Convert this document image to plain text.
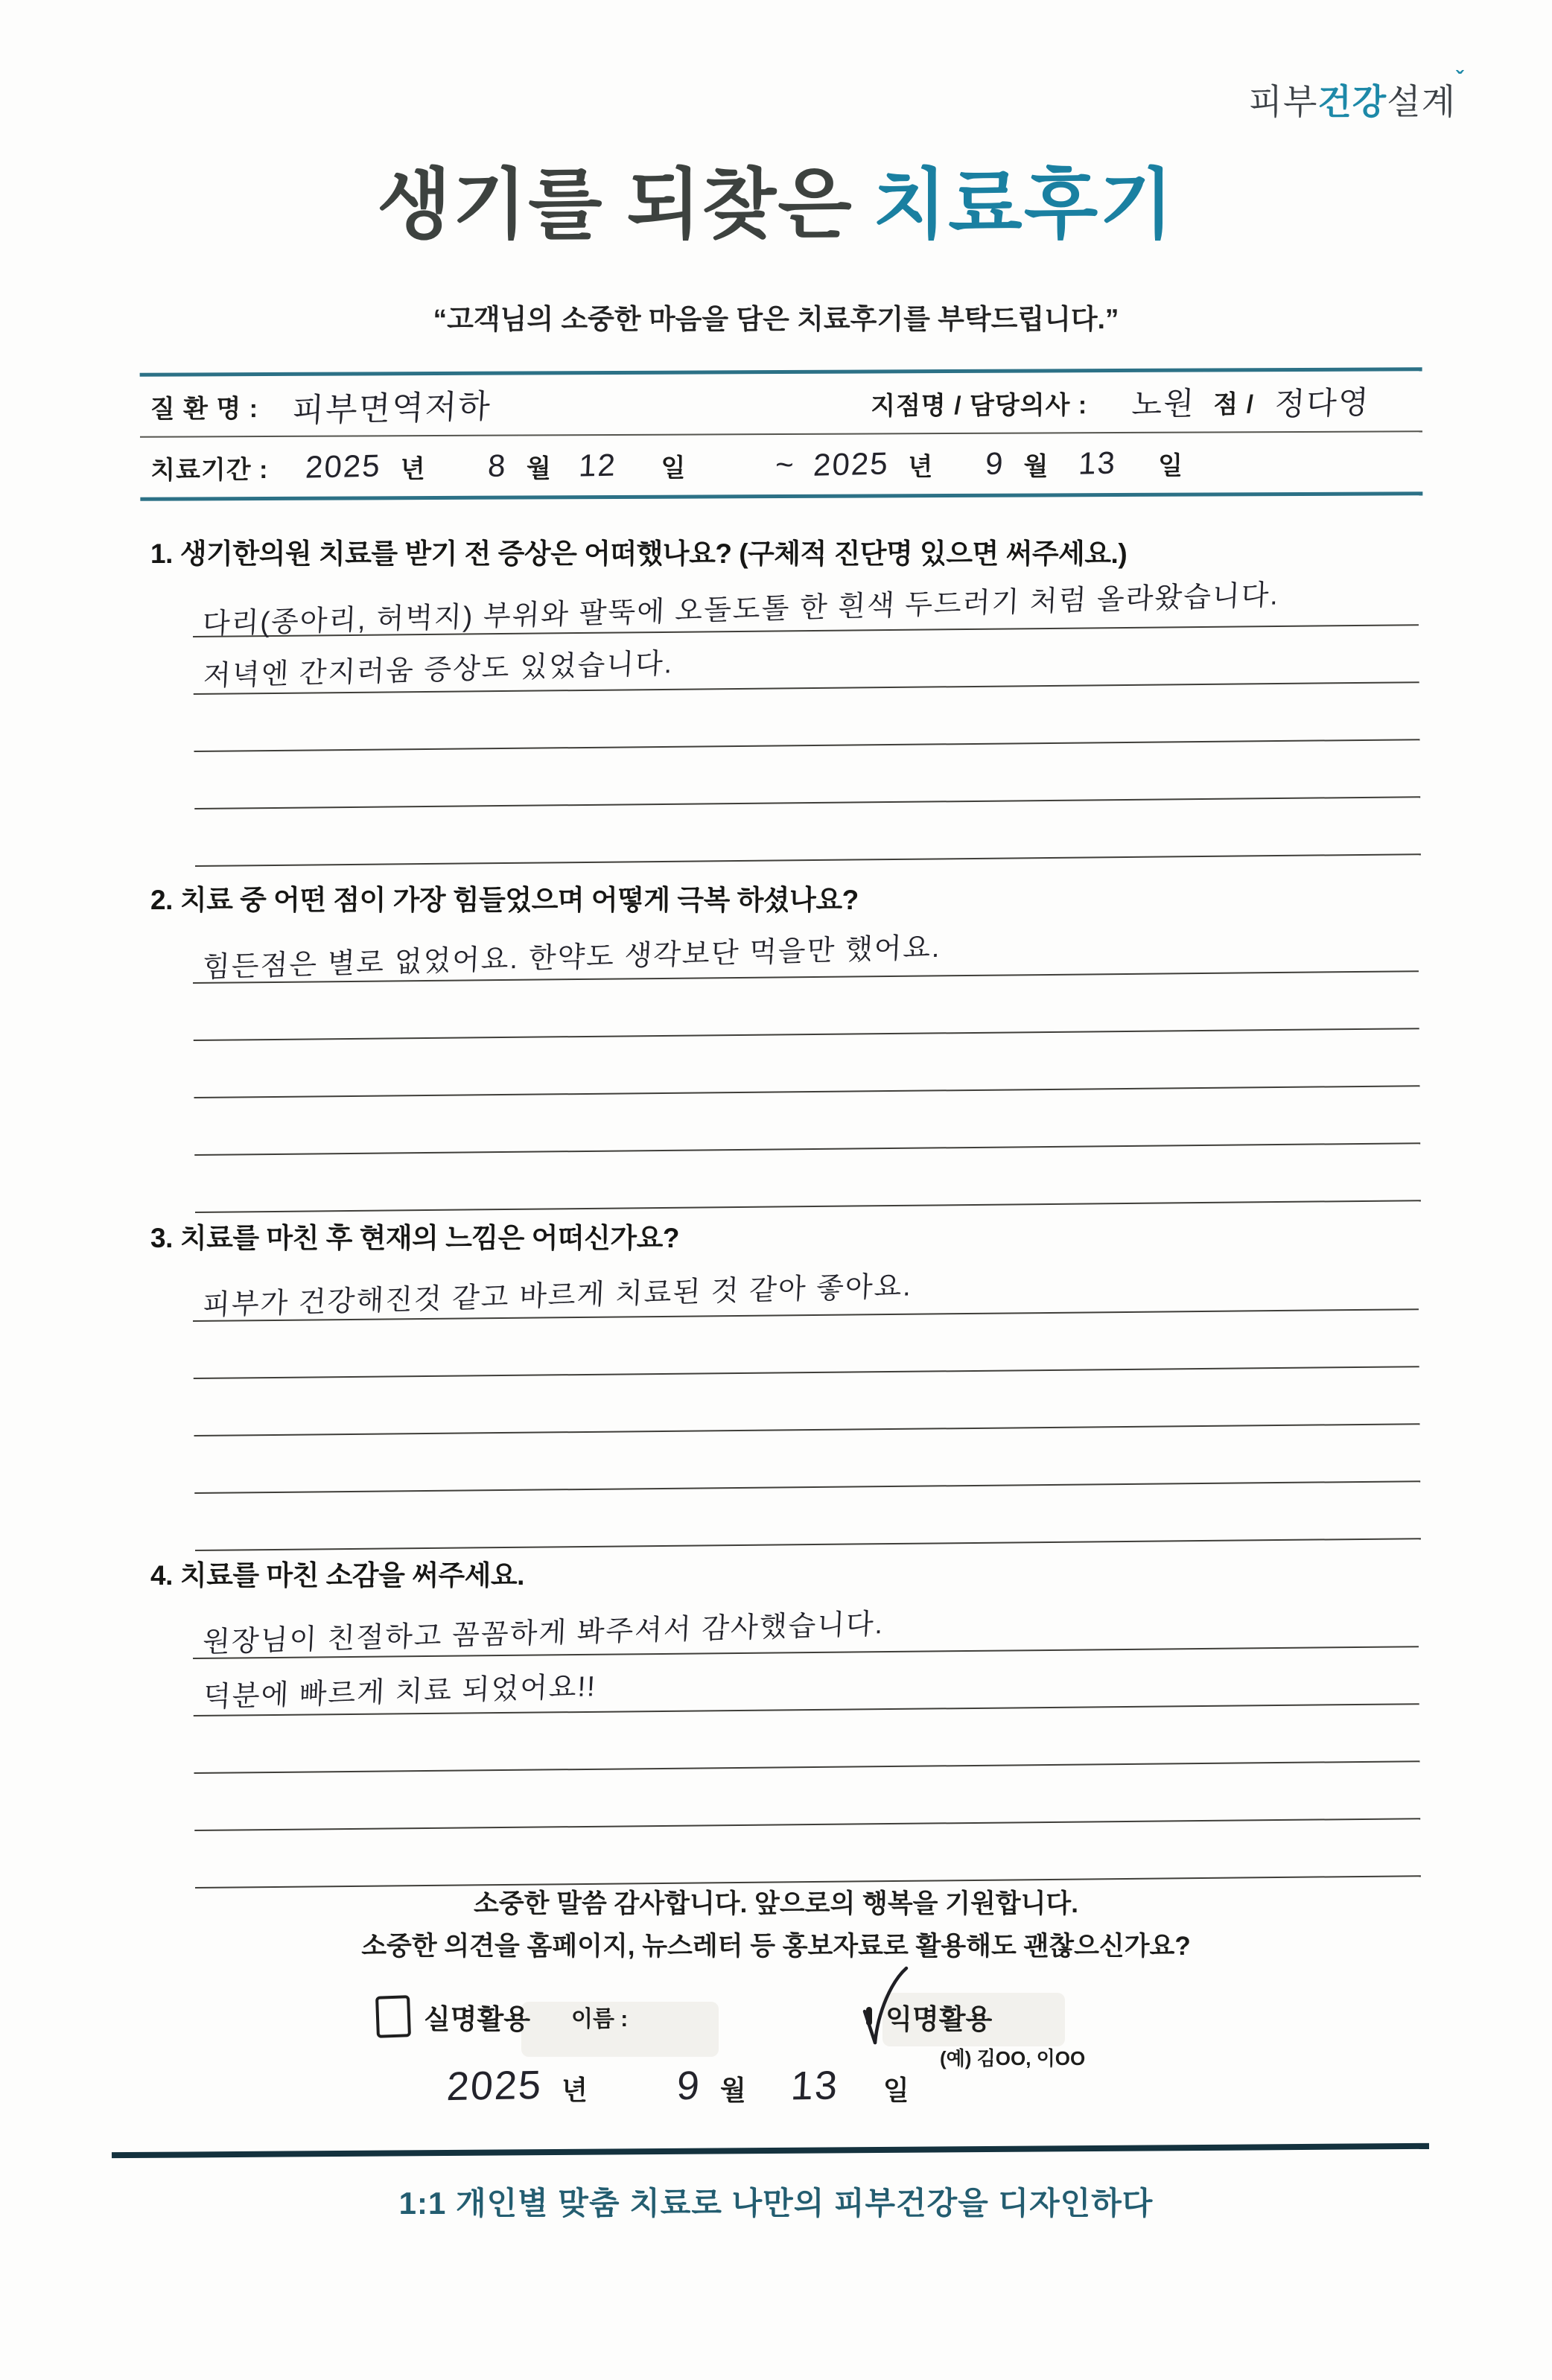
피부건강설계$^ˇ$
생기를 되찾은 치료후기
“고객님의 소중한 마음을 담은 치료후기를 부탁드립니다.”
질 환 명 : 피부면역저하	지점명 / 담당의사 : 노원 점 / 정다영
치료기간 : 2025 년 8 월 12 일	~ 2025 년 9 월 13 일
1. 생기한의원 치료를 받기 전 증상은 어떠했나요? (구체적 진단명 있으면 써주세요.)
다리(종아리, 허벅지) 부위와 팔뚝에 오돌도톨 한 흰색 두드러기 처럼 올라왔습니다.
저녁엔 간지러움 증상도 있었습니다.
2. 치료 중 어떤 점이 가장 힘들었으며 어떻게 극복 하셨나요?
힘든점은 별로 없었어요. 한약도 생각보단 먹을만 했어요.
3. 치료를 마친 후 현재의 느낌은 어떠신가요?
피부가 건강해진것 같고 바르게 치료된 것 같아 좋아요.
4. 치료를 마친 소감을 써주세요.
원장님이 친절하고 꼼꼼하게 봐주셔서 감사했습니다.
덕분에 빠르게 치료 되었어요!!
소중한 말씀 감사합니다. 앞으로의 행복을 기원합니다.
소중한 의견을 홈페이지, 뉴스레터 등 홍보자료로 활용해도 괜찮으신가요?
실명활용 이름 :	익명활용
(예) 김OO, 이OO
2025 년 9 월 13 일
1:1 개인별 맞춤 치료로 나만의 피부건강을 디자인하다
